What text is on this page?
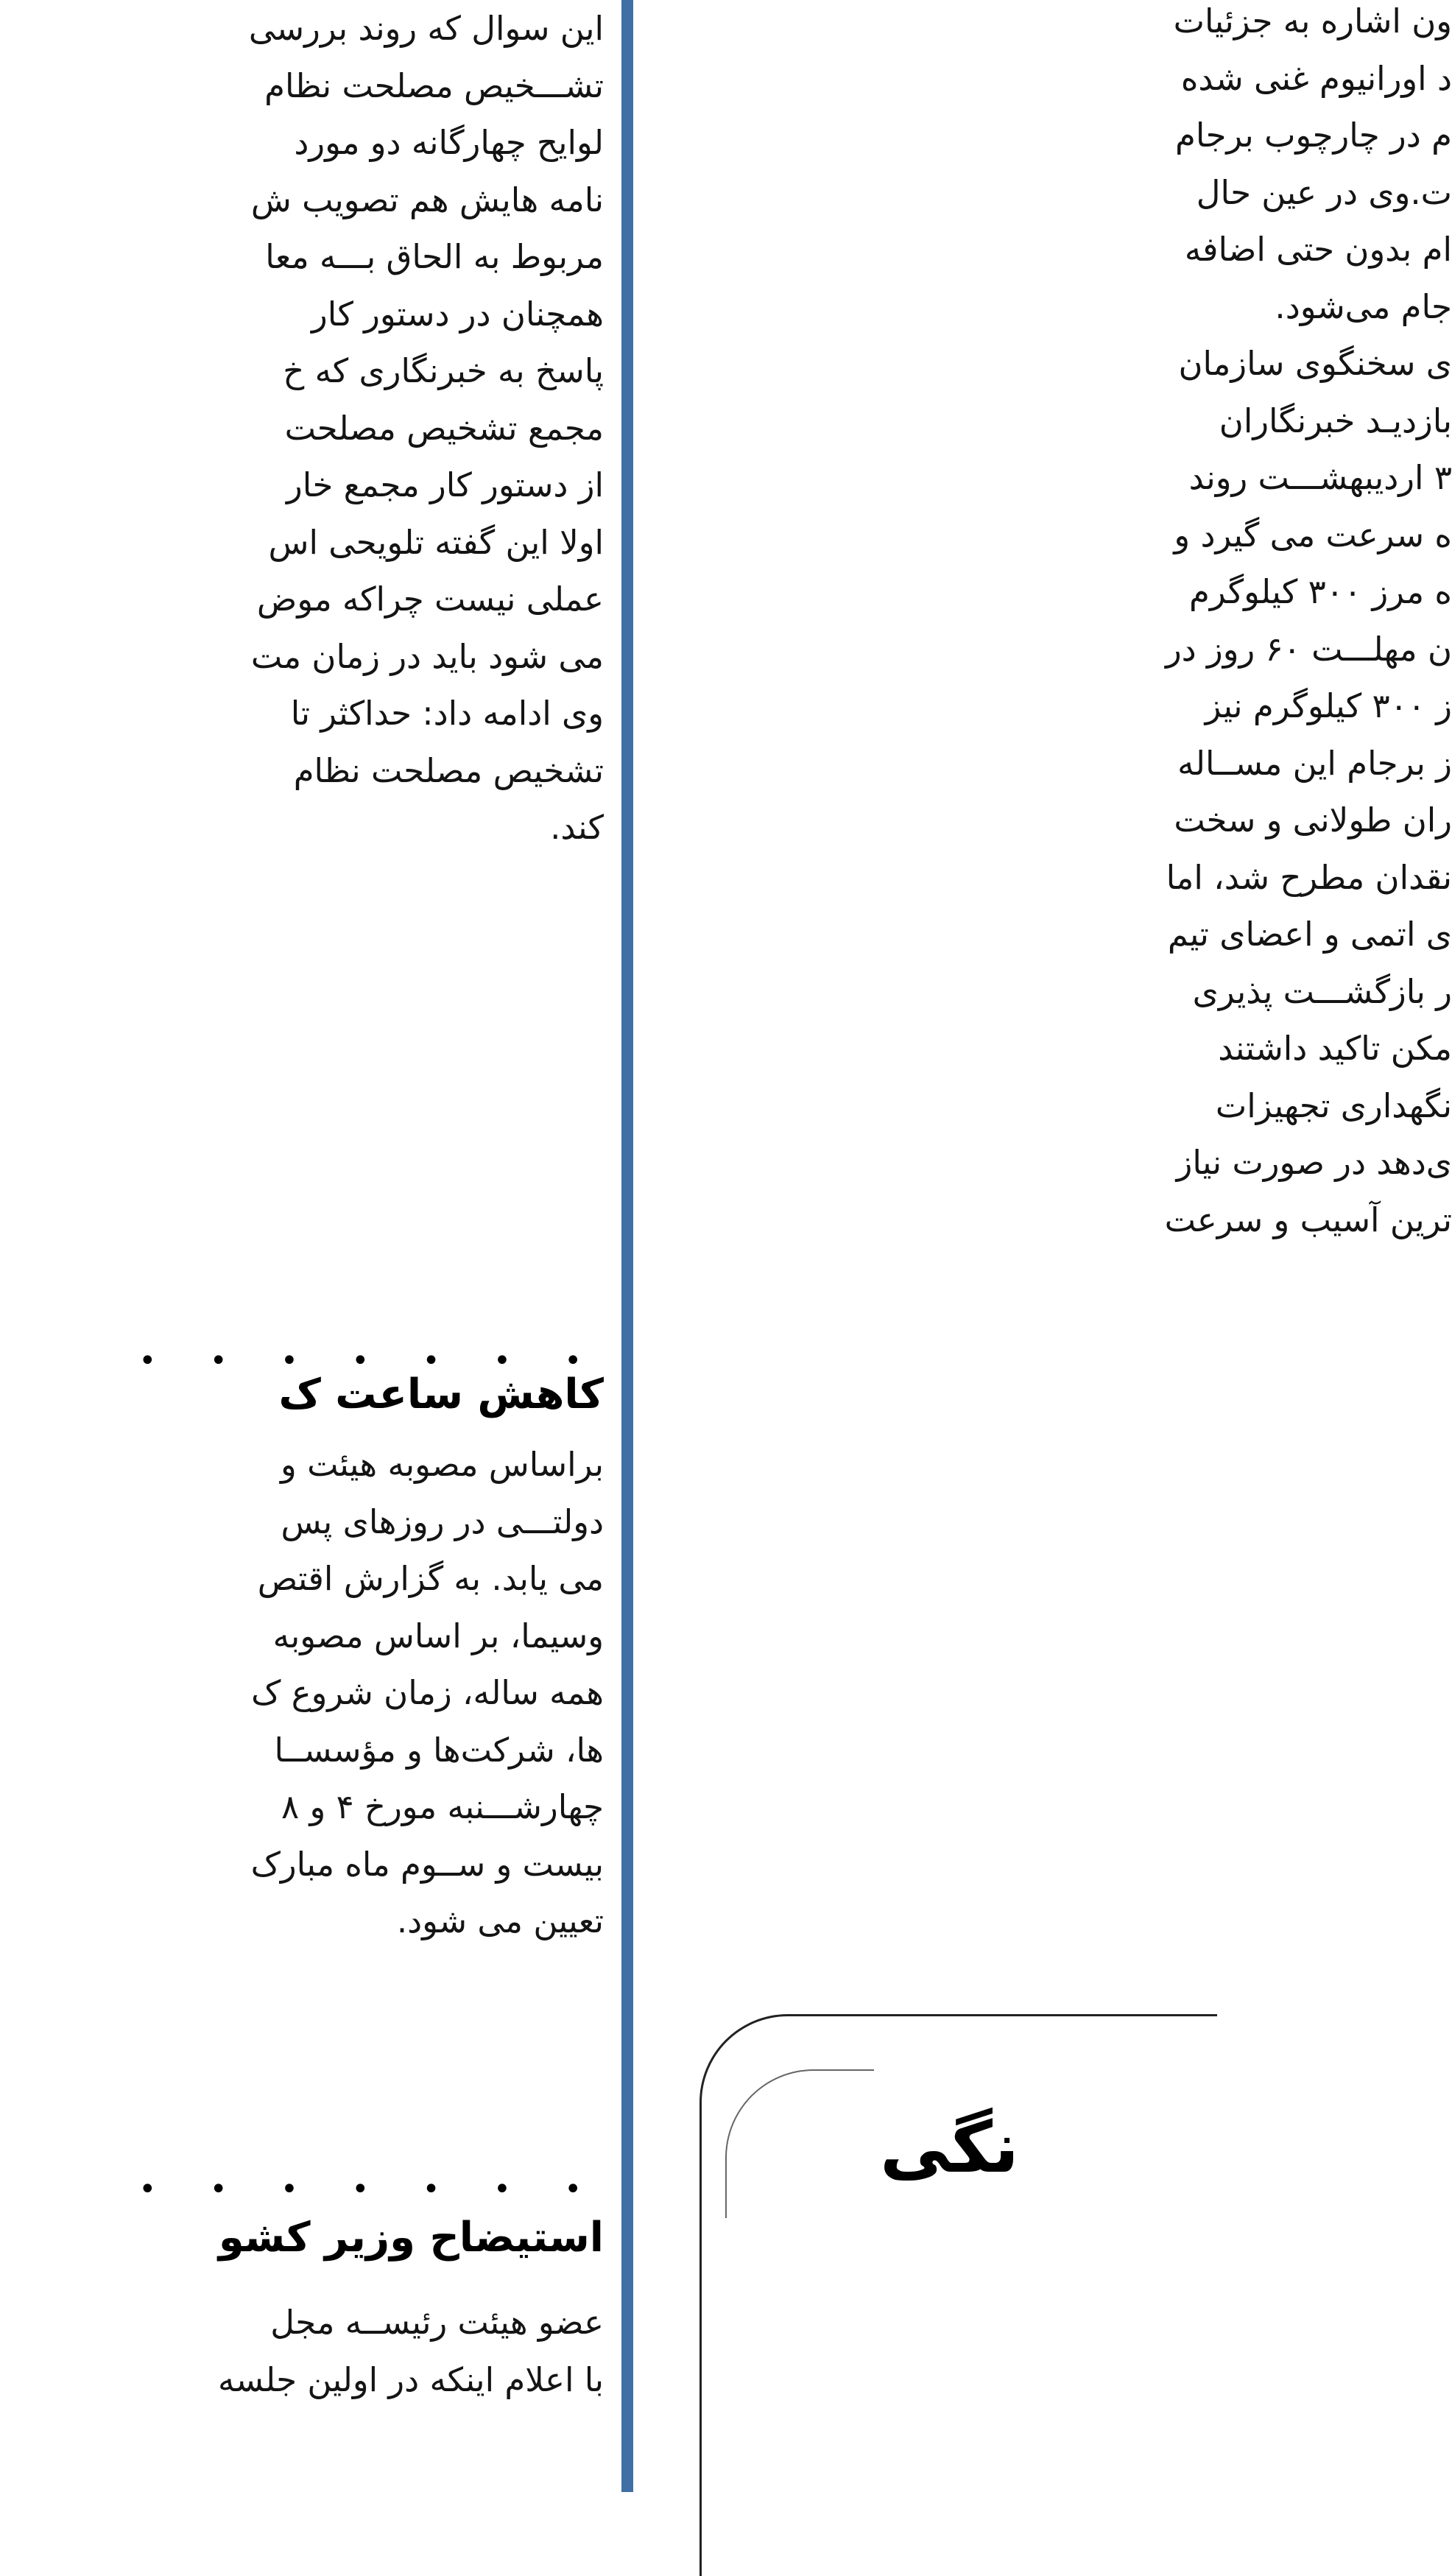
این سوال که روند بررسی
تشـــخیص مصلحت نظام
لوایح چهارگانه دو مورد
نامه هایش هم تصویب ش
مربوط به الحاق بـــه معا
همچنان در دستور کار
پاسخ به خبرنگاری که خ
مجمع تشخیص مصلحت
از دستور کار مجمع خار
اولا این گفته تلویحی اس
عملی نیست چراکه موض
می شود باید در زمان مت
وی ادامه داد: حداکثر تا
تشخیص مصلحت نظام
کند.
• • • • • • •
کاهش ساعت ک
براساس مصوبه هیئت و
دولتـــی در روزهای پس
می یابد. به گزارش اقتص
وسیما، بر اساس مصوبه
همه ساله، زمان شروع ک
ها، شرکت‌ها و مؤسســا
چهارشـــنبه مورخ ۴ و ۸
بیست و ســوم ماه مبارک
تعیین می شود.
• • • • • • •
استیضاح وزیر کشو
عضو هیئت رئیســه مجل
با اعلام اینکه در اولین جلسه
ون اشاره به جزئیات
د اورانیوم غنی شده
م در چارچوب برجام
ت.وی در عین حال
ام بدون حتی اضافه
جام می‌شود.
ی سخنگوی سازمان
بازدیـد خبرنگاران
۳ اردیبهشـــت روند
ه سرعت می گیرد و
ه مرز ۳۰۰ کیلوگرم
ن مهلـــت ۶۰ روز در
ز ۳۰۰ کیلوگرم نیز
ز برجام این مســاله
ران طولانی و سخت
نقدان مطرح شد، اما
ی اتمی و اعضای تیم
ر بازگشـــت پذیری
مکن تاکید داشتند
نگهداری تجهیزات
ی‌دهد در صورت نیاز
ترین آسیب و سرعت
نگی
